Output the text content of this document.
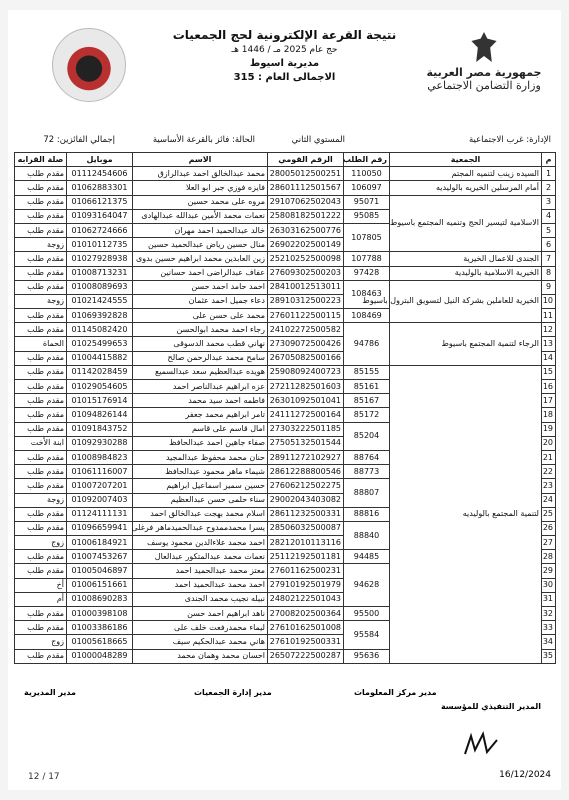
جمهورية مصر العربية
وزارة التضامن الاجتماعي
نتيجة القرعة الإلكترونية لحج الجمعيات
حج عام 2025 مـ / 1446 هـ
مديرية اسيوط
الاجمالى العام : 315
الإدارة: غرب الاجتماعية
المستوي الثاني
الحالة: فائز بالقرعة الأساسية
إجمالي الفائزين: 72
م	الجمعية	رقم الطلب	الرقم القومي	الاسم	موبايل	صلة القرابه
1	السيده زينب لتنميه المجتم	110050	28005012500251	محمد عبدالخالق احمد عبدالرازق	01112454606	مقدم طلب
2	أمام المرسلين الخيريه بالوليديه	106097	28601112501567	فايزه فوزي جبر ابو العلا	01062883301	مقدم طلب
3	الاسلامية لتيسير الحج وتنميه المجتمع باسيوط	95071	29107062502043	مروه على محمد حسين	01066121375	مقدم طلب
4		95085	25808182501222	نعمات محمد الأمين عبدالله عبدالهادى	01093164047	مقدم طلب
5		107805	26303162500776	خالد عبدالحميد احمد مهران	01062724666	مقدم طلب
6			26902202500149	منال حسين رياض عبدالحميد حسين	01010112735	زوجة
7	الجندى للاعمال الخيرية	107788	25210252500098	زين العابدين محمد ابراهيم حسين بدوى	01027928938	مقدم طلب
8	الخيرية الاسلامية بالوليدية	97428	27609302500203	عفاف عبدالراضى احمد حسانين	01008713231	مقدم طلب
9	الخيرية للعاملين بشركة النيل لتسويق البترول باسيوط	108463	28410012513011	احمد حامد احمد حسن	01008089693	مقدم طلب
10			28910312500223	دعاء جميل احمد عثمان	01021424555	زوجة
11		108469	27601122500115	محمد على حسن على	01069392828	مقدم طلب
12	الرجاء لتنمية المجتمع باسيوط	94786	24102272500582	رجاء احمد محمد ابوالحسن	01145082420	مقدم طلب
13			27309072500426	نهاني قطب محمد الدسوقى	01025499653	الحماة
14			26705082500166	سامح محمد عبدالرحمن صالح	01004415882	مقدم طلب
15	لتنمية المجتمع بالوليديه	85155	25908092400723	هويده عبدالعظيم سعد عبدالسميع	01142028459	مقدم طلب
16		85161	27211282501603	عزه ابراهيم عبدالناصر احمد	01029054605	مقدم طلب
17		85167	26301092501041	فاطمه احمد سيد محمد	01015176914	مقدم طلب
18		85172	24111272500164	تامر ابراهيم محمد جعفر	01094826144	مقدم طلب
19		85204	27303222501185	امال قاسم على قاسم	01091843752	مقدم طلب
20			27505132501544	صفاء جاهين احمد عبدالحافظ	01092930288	ابنة الأخت
21		88764	28911272102927	حنان محمد محفوظ عبدالمجيد	01008984823	مقدم طلب
22		88773	28612288800546	شيماء ماهر محمود عبدالحافظ	01061116007	مقدم طلب
23		88807	27606212502275	حسين سمير اسماعيل ابراهيم	01007207201	مقدم طلب
24			29002043403082	سناء حلمى حسن عبدالعظيم	01092007403	زوجة
25		88816	28611232500331	اسلام محمد بهجت عبدالخالق احمد	01124111131	مقدم طلب
26		88840	28506032500087	يسرا محمدممدوح عبدالحميدماهر فرغلى	01096659941	مقدم طلب
27			28212010113116	احمد محمد علاءالدين محمود يوسف	01006184921	زوج
28		94485	25112192501181	نعمات محمد عبدالمتكور عبدالعال	01007453267	مقدم طلب
29		94628	27601162500231	معتز محمد عبدالحميد احمد	01005046897	مقدم طلب
30			27910192501979	احمد محمد عبدالحميد احمد	01006151661	أخ
31			24802122501043	نبيله نجيب محمد الجندى	01008690283	أم
32		95500	27008202500364	ناهد ابراهيم احمد حسن	01000398108	مقدم طلب
33		95584	27610162501008	ليماء محمدرفعت خلف على	01003386186	مقدم طلب
34			27610192500331	هاني محمد عبدالحكيم سيف	01005618665	زوج
35		95636	26507222500287	احسان محمد وهمان محمد	01000048289	مقدم طلب
مدير المديرية	مدير إدارة الجمعيات	مدير مركز المعلومات
المدير التنفيذي للمؤسسة
16/12/2024
12 / 17
